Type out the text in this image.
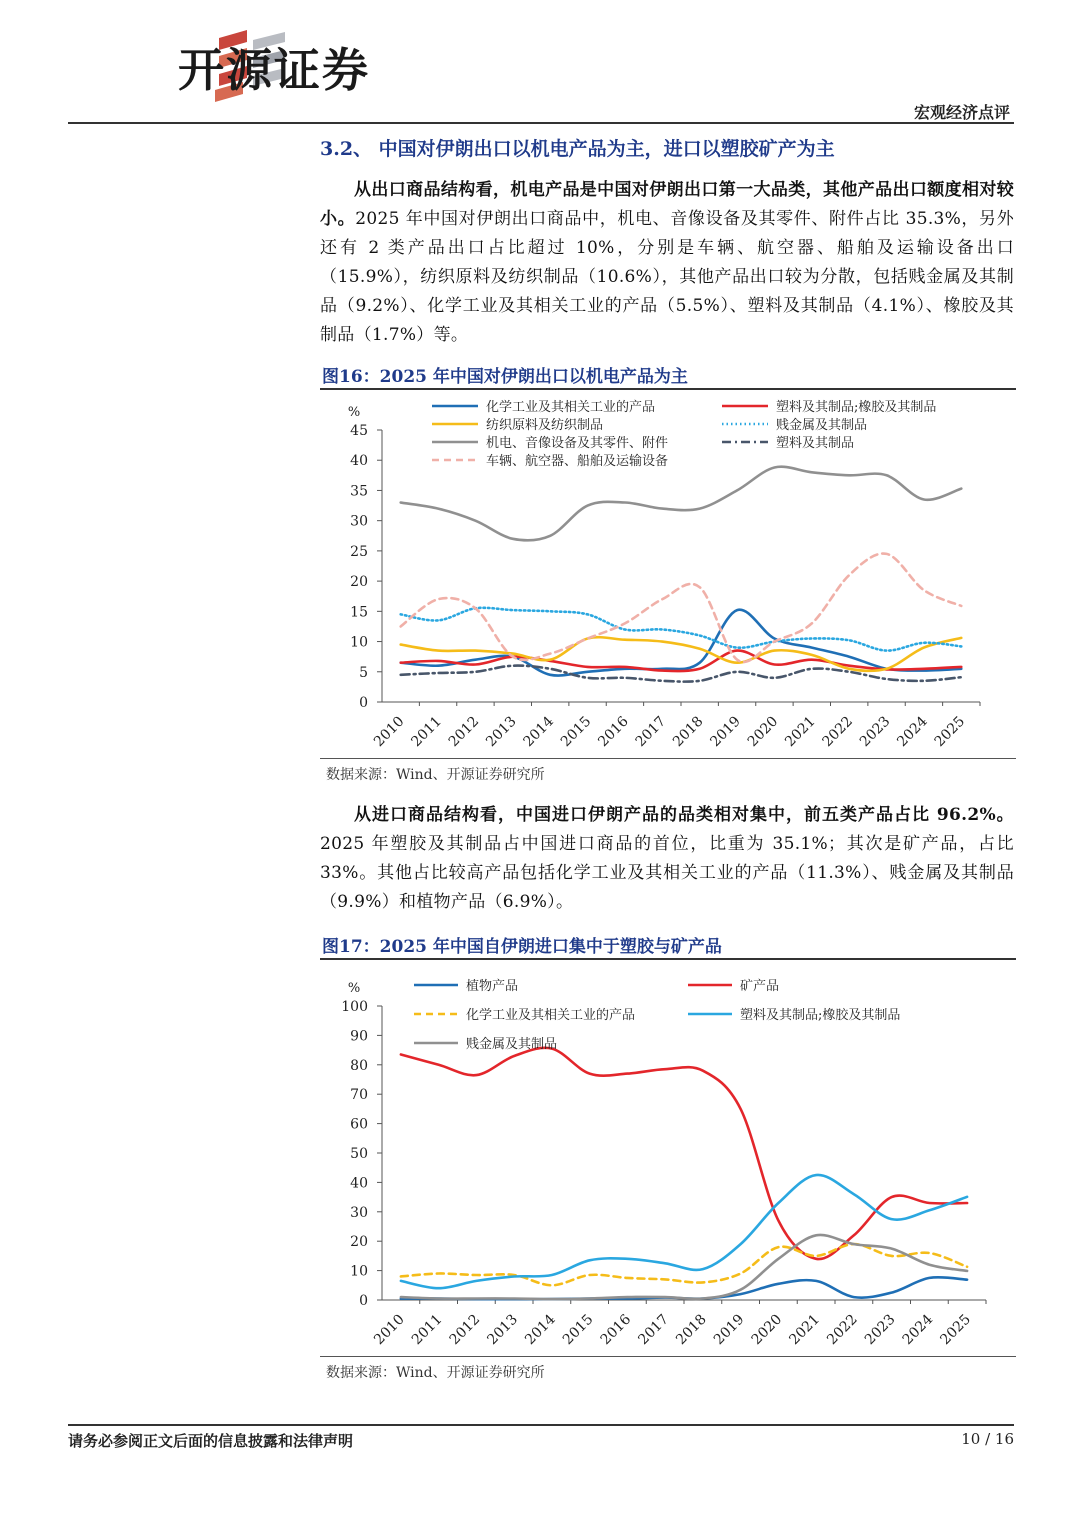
开源证券
宏观经济点评
3.2、 中国对伊朗出口以机电产品为主，进口以塑胶矿产为主
从出口商品结构看，机电产品是中国对伊朗出口第一大品类，其他产品出口额度相对较小。2025 年中国对伊朗出口商品中，机电、音像设备及其零件、附件占比 35.3%，另外还有 2 类产品出口占比超过 10%，分别是车辆、航空器、船舶及运输设备出口（15.9%），纺织原料及纺织制品（10.6%），其他产品出口较为分散，包括贱金属及其制品（9.2%）、化学工业及其相关工业的产品（5.5%）、塑料及其制品（4.1%）、橡胶及其制品（1.7%）等。
图16：2025 年中国对伊朗出口以机电产品为主
%
0
5
10
15
20
25
30
35
40
45
2010 2011 2012 2013 2014 2015 2016 2017 2018 2019 2020 2021 2022 2023 2024 2025
化学工业及其相关工业的产品	塑料及其制品;橡胶及其制品
纺织原料及纺织制品	贱金属及其制品
机电、音像设备及其零件、附件	塑料及其制品
车辆、航空器、船舶及运输设备
数据来源：Wind、开源证券研究所
从进口商品结构看，中国进口伊朗产品的品类相对集中，前五类产品占比 96.2%。2025 年塑胶及其制品占中国进口商品的首位，比重为 35.1%；其次是矿产品，占比 33%。其他占比较高产品包括化学工业及其相关工业的产品（11.3%）、贱金属及其制品（9.9%）和植物产品（6.9%）。
图17：2025 年中国自伊朗进口集中于塑胶与矿产品
%
0
10
20
30
40
50
60
70
80
90
100
2010 2011 2012 2013 2014 2015 2016 2017 2018 2019 2020 2021 2022 2023 2024 2025
植物产品	矿产品
化学工业及其相关工业的产品	塑料及其制品;橡胶及其制品
贱金属及其制品
数据来源：Wind、开源证券研究所
请务必参阅正文后面的信息披露和法律声明	10 / 16
